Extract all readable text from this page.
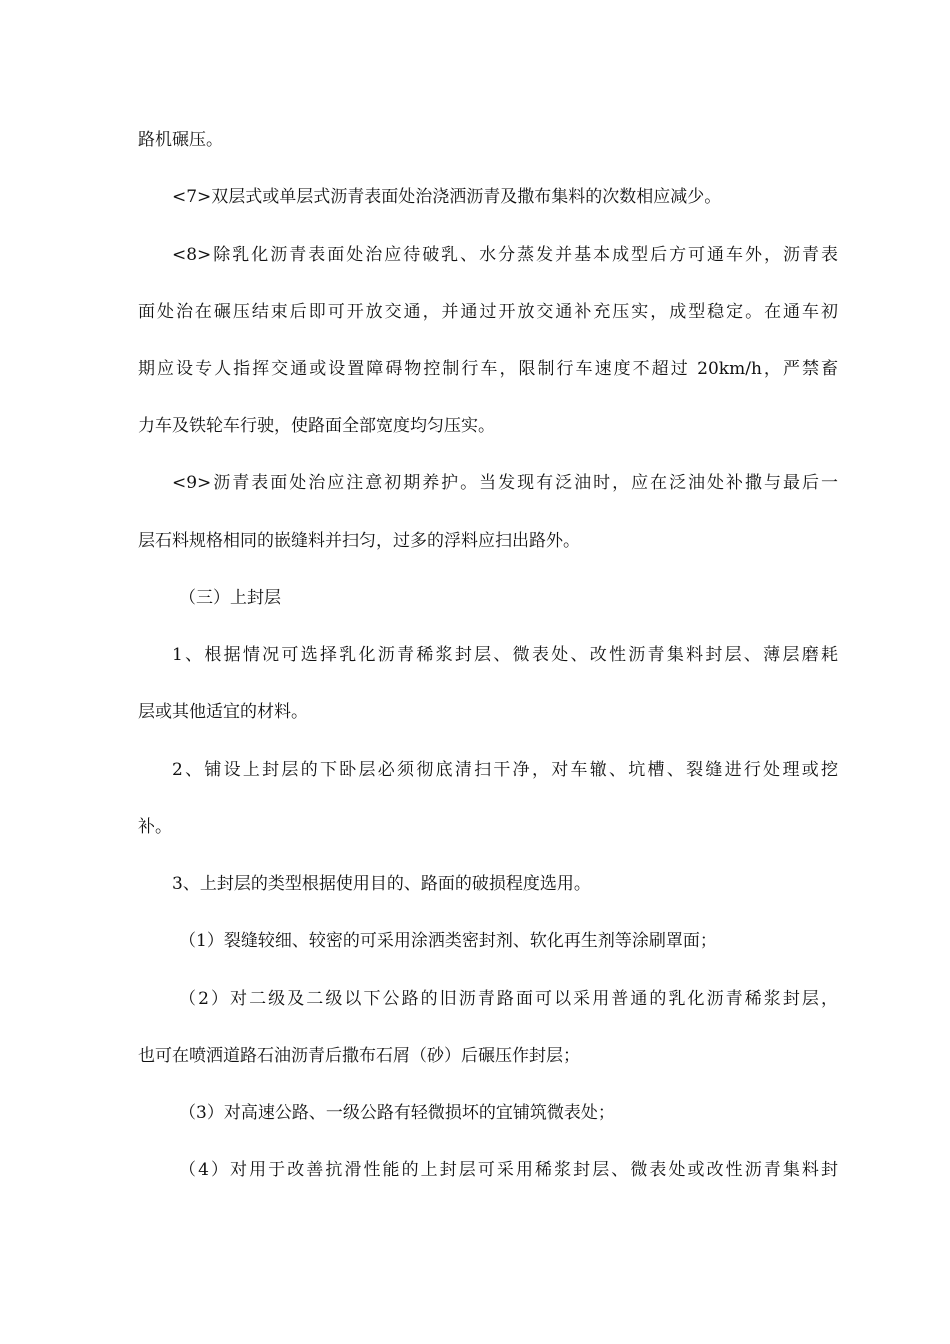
路机碾压。
<7>双层式或单层式沥青表面处治浇洒沥青及撒布集料的次数相应减少。
<8>除乳化沥青表面处治应待破乳、水分蒸发并基本成型后方可通车外，沥青表
面处治在碾压结束后即可开放交通，并通过开放交通补充压实，成型稳定。在通车初
期应设专人指挥交通或设置障碍物控制行车，限制行车速度不超过 20km/h，严禁畜
力车及铁轮车行驶，使路面全部宽度均匀压实。
<9>沥青表面处治应注意初期养护。当发现有泛油时，应在泛油处补撒与最后一
层石料规格相同的嵌缝料并扫匀，过多的浮料应扫出路外。
（三）上封层
1、根据情况可选择乳化沥青稀浆封层、微表处、改性沥青集料封层、薄层磨耗
层或其他适宜的材料。
2、铺设上封层的下卧层必须彻底清扫干净，对车辙、坑槽、裂缝进行处理或挖
补。
3、上封层的类型根据使用目的、路面的破损程度选用。
（1）裂缝较细、较密的可采用涂洒类密封剂、软化再生剂等涂刷罩面；
（2）对二级及二级以下公路的旧沥青路面可以采用普通的乳化沥青稀浆封层，
也可在喷洒道路石油沥青后撒布石屑（砂）后碾压作封层；
（3）对高速公路、一级公路有轻微损坏的宜铺筑微表处；
（4）对用于改善抗滑性能的上封层可采用稀浆封层、微表处或改性沥青集料封
